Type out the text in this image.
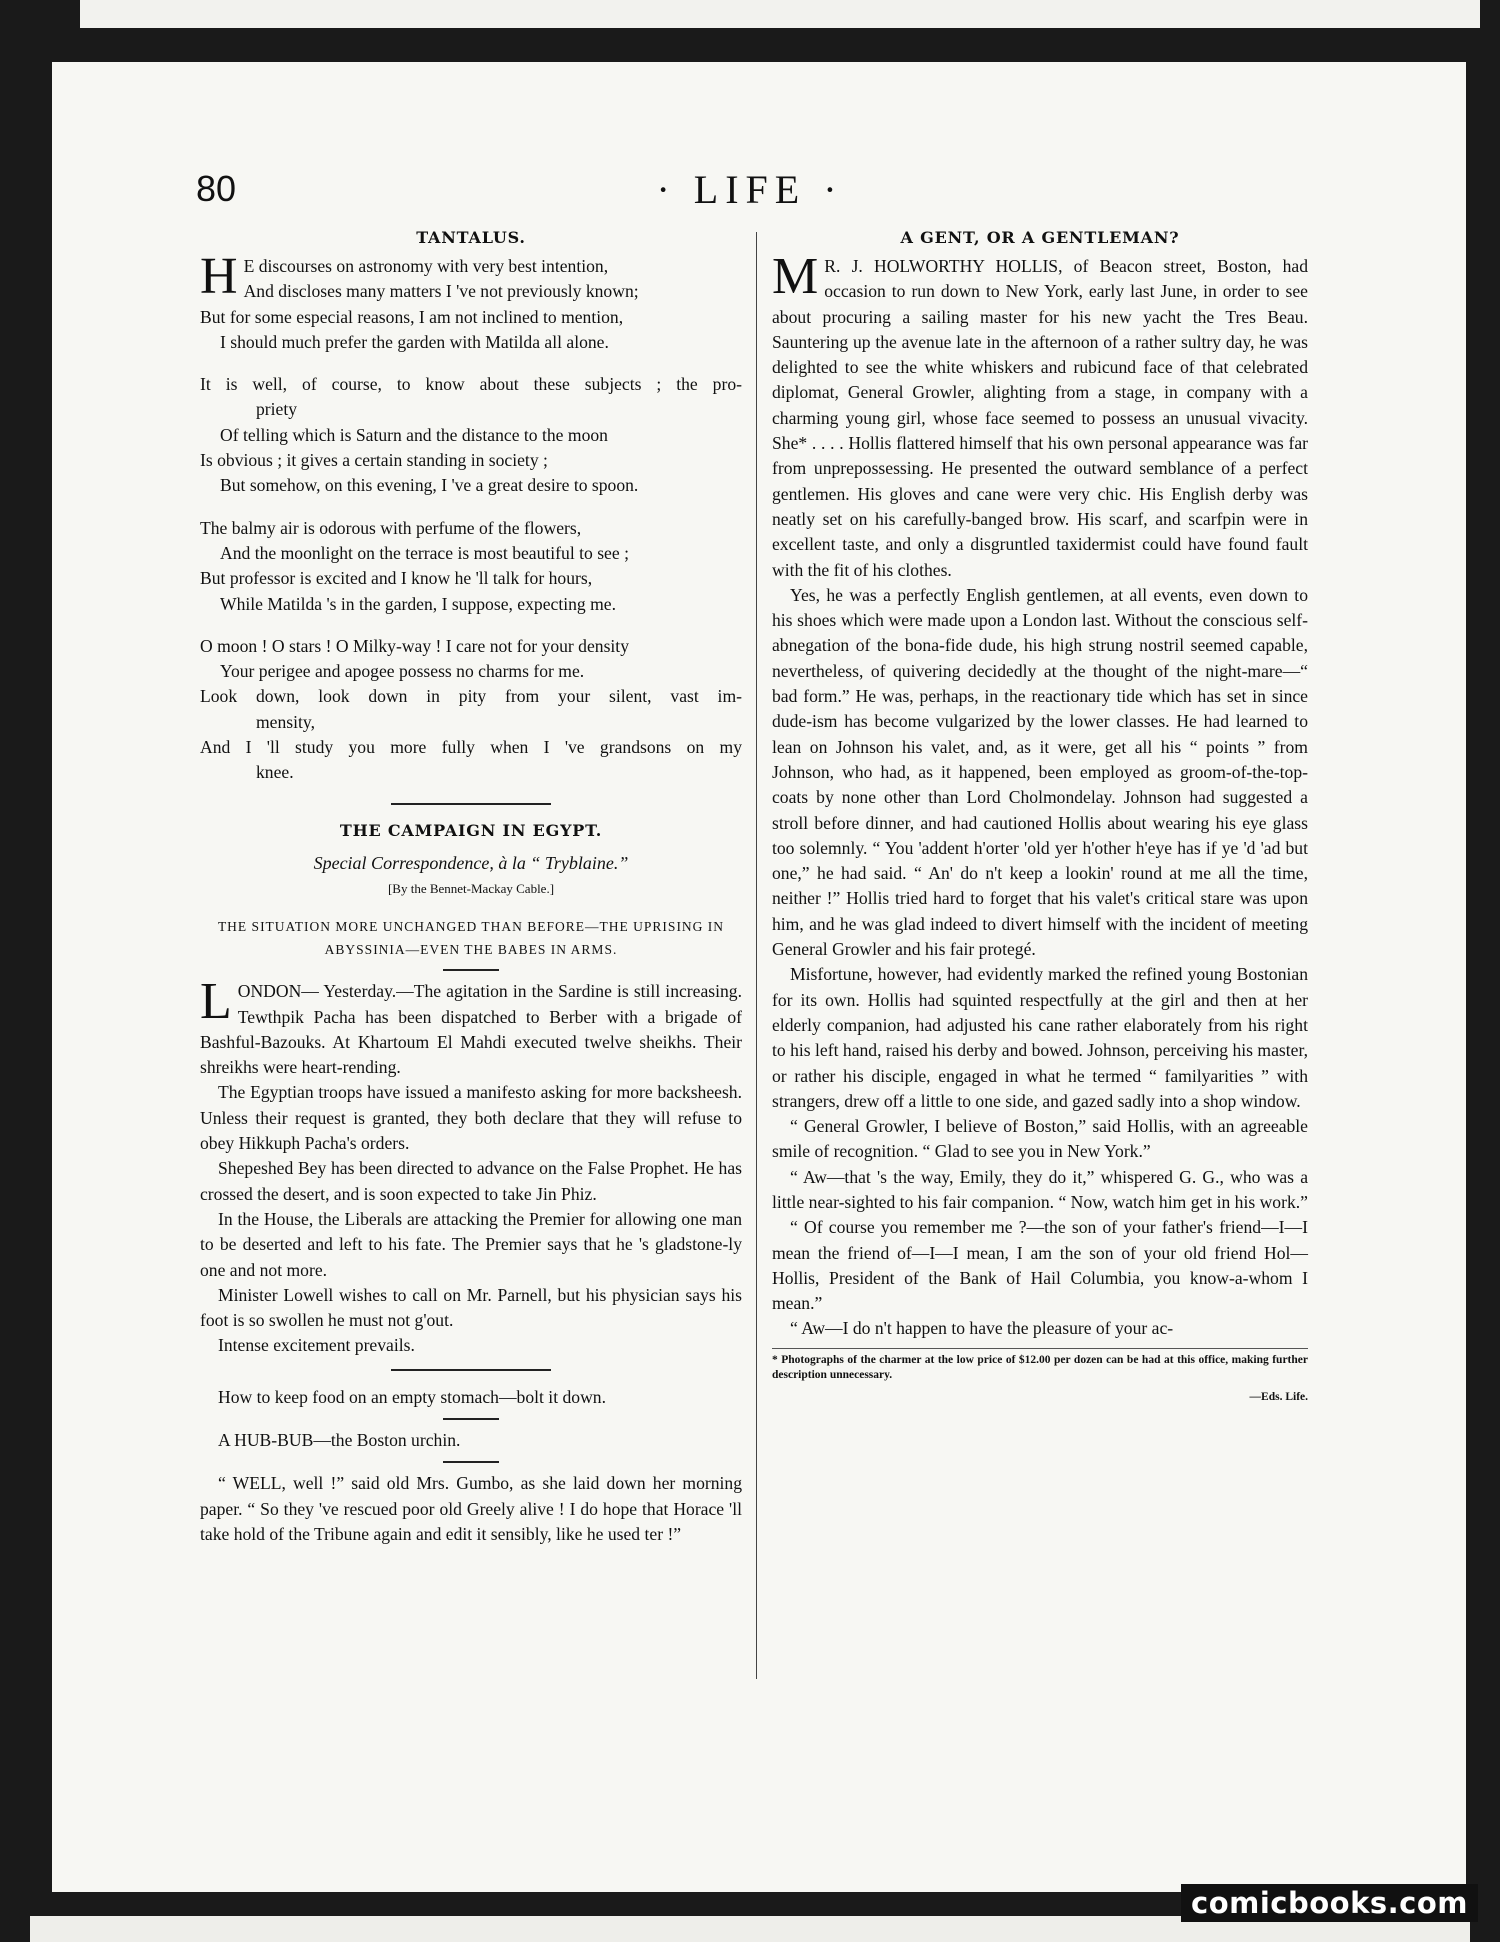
80	· LIFE ·
TANTALUS.
H E discourses on astronomy with very best intention,

And discloses many matters I 've not previously known;

But for some especial reasons, I am not inclined to mention,

I should much prefer the garden with Matilda all alone.

It is well, of course, to know about these subjects ; the pro-

priety

Of telling which is Saturn and the distance to the moon

Is obvious ; it gives a certain standing in society ;

But somehow, on this evening, I 've a great desire to spoon.

The balmy air is odorous with perfume of the flowers,

And the moonlight on the terrace is most beautiful to see ;

But professor is excited and I know he 'll talk for hours,

While Matilda 's in the garden, I suppose, expecting me.

O moon ! O stars ! O Milky-way ! I care not for your density

Your perigee and apogee possess no charms for me.

Look down, look down in pity from your silent, vast im-

mensity,

And I 'll study you more fully when I 've grandsons on my

knee.

THE CAMPAIGN IN EGYPT.

Special Correspondence, à la “ Tryblaine.”

[By the Bennet-Mackay Cable.]

THE SITUATION MORE UNCHANGED THAN BEFORE—THE UPRISING IN ABYSSINIA—EVEN THE BABES IN ARMS.

L ONDON— Yesterday.—The agitation in the Sardine is still increasing. Tewthpik Pacha has been dispatched to Berber with a brigade of Bashful-Bazouks. At Khartoum El Mahdi executed twelve sheikhs. Their shreikhs were heart-rending.

The Egyptian troops have issued a manifesto asking for more backsheesh. Unless their request is granted, they both declare that they will refuse to obey Hikkuph Pacha's orders.

Shepeshed Bey has been directed to advance on the False Prophet. He has crossed the desert, and is soon expected to take Jin Phiz.

In the House, the Liberals are attacking the Premier for allowing one man to be deserted and left to his fate. The Premier says that he 's gladstone-ly one and not more.

Minister Lowell wishes to call on Mr. Parnell, but his physician says his foot is so swollen he must not g'out.

Intense excitement prevails.

How to keep food on an empty stomach—bolt it down.

A HUB-BUB—the Boston urchin.

“ WELL, well !” said old Mrs. Gumbo, as she laid down her morning paper. “ So they 've rescued poor old Greely alive ! I do hope that Horace 'll take hold of the Tribune again and edit it sensibly, like he used ter !”

A GENT, OR A GENTLEMAN?
M R. J. HOLWORTHY HOLLIS, of Beacon street, Boston, had occasion to run down to New York, early last June, in order to see about procuring a sailing master for his new yacht the Tres Beau. Sauntering up the avenue late in the afternoon of a rather sultry day, he was delighted to see the white whiskers and rubicund face of that celebrated diplomat, General Growler, alighting from a stage, in company with a charming young girl, whose face seemed to possess an unusual vivacity. She* . . . . Hollis flattered himself that his own personal appearance was far from unprepossessing. He presented the outward semblance of a perfect gentlemen. His gloves and cane were very chic. His English derby was neatly set on his carefully-banged brow. His scarf, and scarfpin were in excellent taste, and only a disgruntled taxidermist could have found fault with the fit of his clothes.

Yes, he was a perfectly English gentlemen, at all events, even down to his shoes which were made upon a London last. Without the conscious self-abnegation of the bona-fide dude, his high strung nostril seemed capable, nevertheless, of quivering decidedly at the thought of the night-mare—“ bad form.” He was, perhaps, in the reactionary tide which has set in since dude-ism has become vulgarized by the lower classes. He had learned to lean on Johnson his valet, and, as it were, get all his “ points ” from Johnson, who had, as it happened, been employed as groom-of-the-top-coats by none other than Lord Cholmondelay. Johnson had suggested a stroll before dinner, and had cautioned Hollis about wearing his eye glass too solemnly. “ You 'addent h'orter 'old yer h'other h'eye has if ye 'd 'ad but one,” he had said. “ An' do n't keep a lookin' round at me all the time, neither !” Hollis tried hard to forget that his valet's critical stare was upon him, and he was glad indeed to divert himself with the incident of meeting General Growler and his fair protegé.

Misfortune, however, had evidently marked the refined young Bostonian for its own. Hollis had squinted respectfully at the girl and then at her elderly companion, had adjusted his cane rather elaborately from his right to his left hand, raised his derby and bowed. Johnson, perceiving his master, or rather his disciple, engaged in what he termed “ familyarities ” with strangers, drew off a little to one side, and gazed sadly into a shop window.

“ General Growler, I believe of Boston,” said Hollis, with an agreeable smile of recognition. “ Glad to see you in New York.”

“ Aw—that 's the way, Emily, they do it,” whispered G. G., who was a little near-sighted to his fair companion. “ Now, watch him get in his work.”

“ Of course you remember me ?—the son of your father's friend—I—I mean the friend of—I—I mean, I am the son of your old friend Hol—Hollis, President of the Bank of Hail Columbia, you know-a-whom I mean.”

“ Aw—I do n't happen to have the pleasure of your ac-

* Photographs of the charmer at the low price of $12.00 per dozen can be had at this office, making further description unnecessary.
—Eds. Life.
comicbooks.com
